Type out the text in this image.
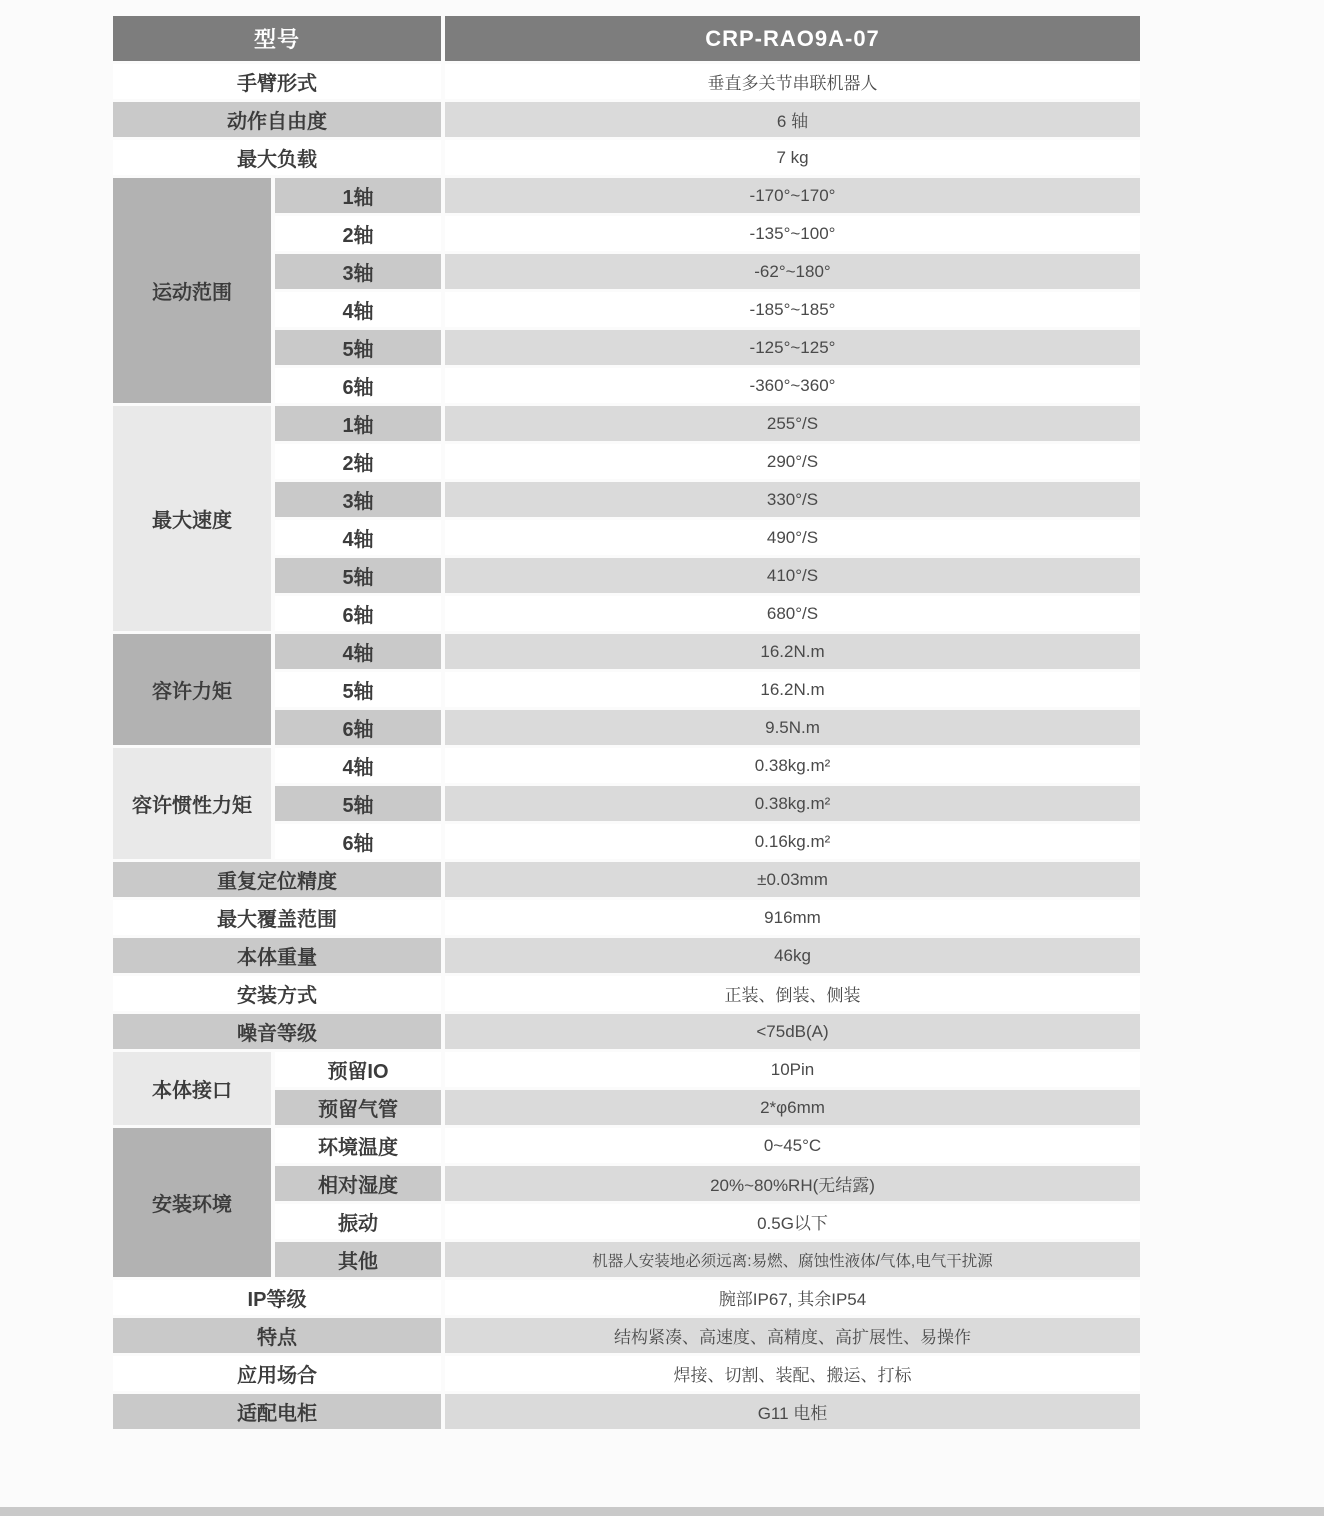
型号		CRP-RAO9A-07
手臂形式		垂直多关节串联机器人
动作自由度		6 轴
最大负载		7 kg
运动范围	1轴	-170°~170°
	2轴	-135°~100°
	3轴	-62°~180°
	4轴	-185°~185°
	5轴	-125°~125°
	6轴	-360°~360°
最大速度	1轴	255°/S
	2轴	290°/S
	3轴	330°/S
	4轴	490°/S
	5轴	410°/S
	6轴	680°/S
容许力矩	4轴	16.2N.m
	5轴	16.2N.m
	6轴	9.5N.m
容许惯性力矩	4轴	0.38kg.m²
	5轴	0.38kg.m²
	6轴	0.16kg.m²
重复定位精度		±0.03mm
最大覆盖范围		916mm
本体重量		46kg
安装方式		正装、倒装、侧装
噪音等级		<75dB(A)
本体接口	预留IO	10Pin
	预留气管	2*φ6mm
安装环境	环境温度	0~45°C
	相对湿度	20%~80%RH(无结露)
	振动	0.5G以下
	其他	机器人安装地必须远离:易燃、腐蚀性液体/气体,电气干扰源
IP等级		腕部IP67, 其余IP54
特点		结构紧凑、高速度、高精度、高扩展性、易操作
应用场合		焊接、切割、装配、搬运、打标
适配电柜		G11 电柜
